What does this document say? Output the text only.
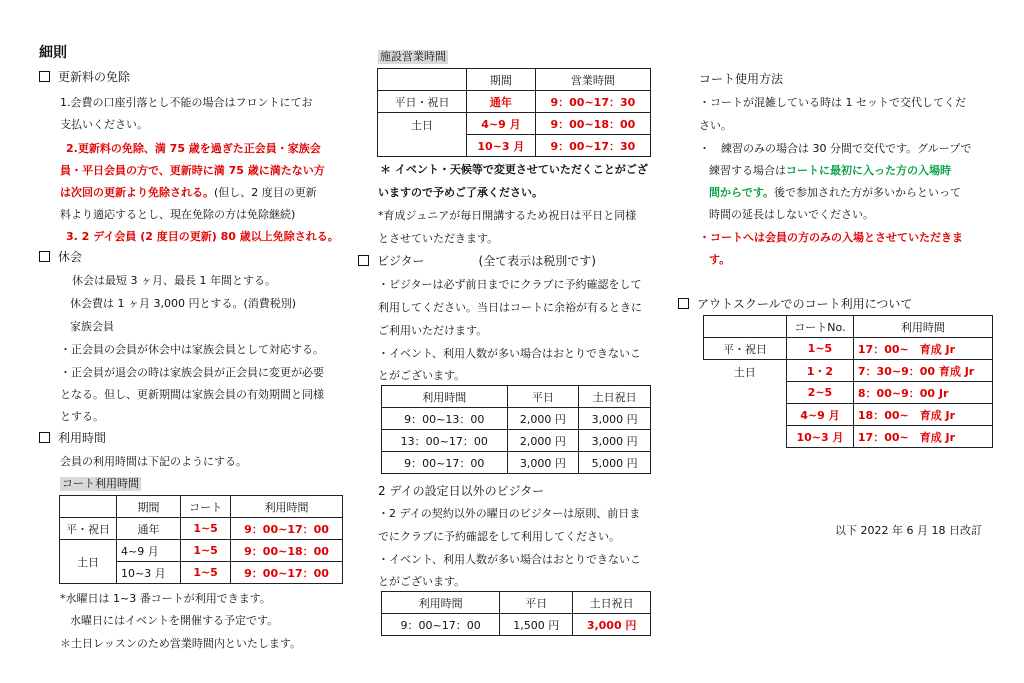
細則
更新料の免除
1.会費の口座引落とし不能の場合はフロントにてお
支払いください。
2.更新料の免除、満 75 歳を過ぎた正会員・家族会
員・平日会員の方で、更新時に満 75 歳に満たない方
は次回の更新より免除される。(但し、2 度目の更新
料より適応するとし、現在免除の方は免除継続)
3. 2 デイ会員 (2 度目の更新) 80 歳以上免除される。
休会
休会は最短 3 ヶ月、最長 1 年間とする。
休会費は 1 ヶ月 3,000 円とする。(消費税別)
家族会員
・正会員の会員が休会中は家族会員として対応する。
・正会員が退会の時は家族会員が正会員に変更が必要
となる。但し、更新期間は家族会員の有効期間と同様
とする。
利用時間
会員の利用時間は下記のようにする。
コート利用時間
	期間	コート	利用時間
平・祝日	通年	1~5	9：00~17：00
土日	4~9 月	1~5	9：00~18：00
	10~3 月	1~5	9：00~17：00
*水曜日は 1~3 番コートが利用できます。
水曜日にはイベントを開催する予定です。
＊土日レッスンのため営業時間内といたします。
施設営業時間
	期間	営業時間
平日・祝日	通年	9：00~17：30
土日	4~9 月	9：00~18：00
	10~3 月	9：00~17：30
＊ イベント・天候等で変更させていただくことがござ
いますので予めご了承ください。
*育成ジュニアが毎日開講するため祝日は平日と同様
とさせていただきます。
ビジター	(全て表示は税別です)
・ビジターは必ず前日までにクラブに予約確認をして
利用してください。当日はコートに余裕が有るときに
ご利用いただけます。
・イベント、利用人数が多い場合はおとりできないこ
とがございます。
利用時間	平日	土日祝日
9：00~13：00	2,000 円	3,000 円
13：00~17：00	2,000 円	3,000 円
9：00~17：00	3,000 円	5,000 円
2 デイの設定日以外のビジター
・2 デイの契約以外の曜日のビジターは原則、前日ま
でにクラブに予約確認をして利用してください。
・イベント、利用人数が多い場合はおとりできないこ
とがございます。
利用時間	平日	土日祝日
9：00~17：00	1,500 円	3,000 円
コート使用方法
・コートが混雑している時は 1 セットで交代してくだ
さい。
・　練習のみの場合は 30 分間で交代です。グループで
練習する場合はコートに最初に入った方の入場時
間からです。後で参加された方が多いからといって
時間の延長はしないでください。
・コートへは会員の方のみの入場とさせていただきま
す。
アウトスクールでのコート利用について
	コートNo.	利用時間
平・祝日	1~5	17：00~　育成 Jr
土日	1・2	7：30~9：00 育成 Jr
	2~5	8：00~9：00 Jr
	4~9 月	18：00~　育成 Jr
	10~3 月	17：00~　育成 Jr
以下 2022 年 6 月 18 日改訂
